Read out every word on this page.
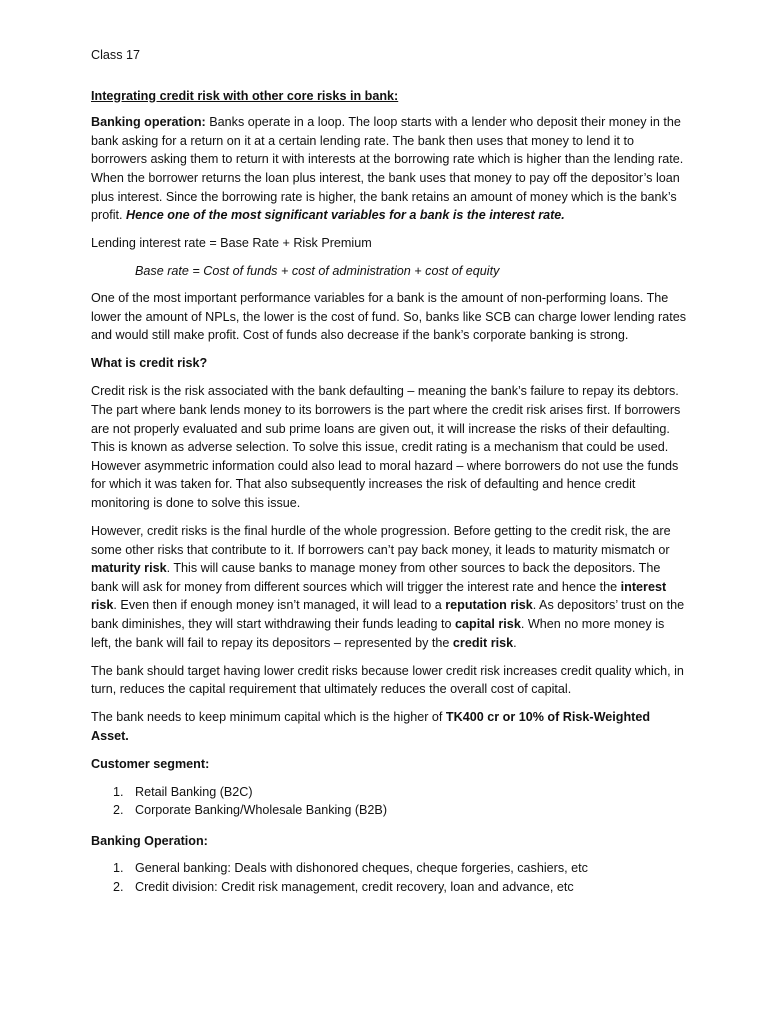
Class 17

Integrating credit risk with other core risks in bank:

Banking operation: Banks operate in a loop. The loop starts with a lender who deposit their money in the bank asking for a return on it at a certain lending rate. The bank then uses that money to lend it to borrowers asking them to return it with interests at the borrowing rate which is higher than the lending rate. When the borrower returns the loan plus interest, the bank uses that money to pay off the depositor’s loan plus interest. Since the borrowing rate is higher, the bank retains an amount of money which is the bank’s profit. Hence one of the most significant variables for a bank is the interest rate.

Lending interest rate = Base Rate + Risk Premium

Base rate = Cost of funds + cost of administration + cost of equity

One of the most important performance variables for a bank is the amount of non-performing loans. The lower the amount of NPLs, the lower is the cost of fund. So, banks like SCB can charge lower lending rates and would still make profit. Cost of funds also decrease if the bank’s corporate banking is strong.

What is credit risk?

Credit risk is the risk associated with the bank defaulting – meaning the bank’s failure to repay its debtors. The part where bank lends money to its borrowers is the part where the credit risk arises first. If borrowers are not properly evaluated and sub prime loans are given out, it will increase the risks of their defaulting. This is known as adverse selection. To solve this issue, credit rating is a mechanism that could be used. However asymmetric information could also lead to moral hazard – where borrowers do not use the funds for which it was taken for. That also subsequently increases the risk of defaulting and hence credit monitoring is done to solve this issue.

However, credit risks is the final hurdle of the whole progression. Before getting to the credit risk, the are some other risks that contribute to it. If borrowers can’t pay back money, it leads to maturity mismatch or maturity risk. This will cause banks to manage money from other sources to back the depositors. The bank will ask for money from different sources which will trigger the interest rate and hence the interest risk. Even then if enough money isn’t managed, it will lead to a reputation risk. As depositors’ trust on the bank diminishes, they will start withdrawing their funds leading to capital risk. When no more money is left, the bank will fail to repay its depositors – represented by the credit risk.

The bank should target having lower credit risks because lower credit risk increases credit quality which, in turn, reduces the capital requirement that ultimately reduces the overall cost of capital.

The bank needs to keep minimum capital which is the higher of TK400 cr or 10% of Risk-Weighted Asset.

Customer segment:

1. Retail Banking (B2C)
2. Corporate Banking/Wholesale Banking (B2B)

Banking Operation:

1. General banking: Deals with dishonored cheques, cheque forgeries, cashiers, etc
2. Credit division: Credit risk management, credit recovery, loan and advance, etc
